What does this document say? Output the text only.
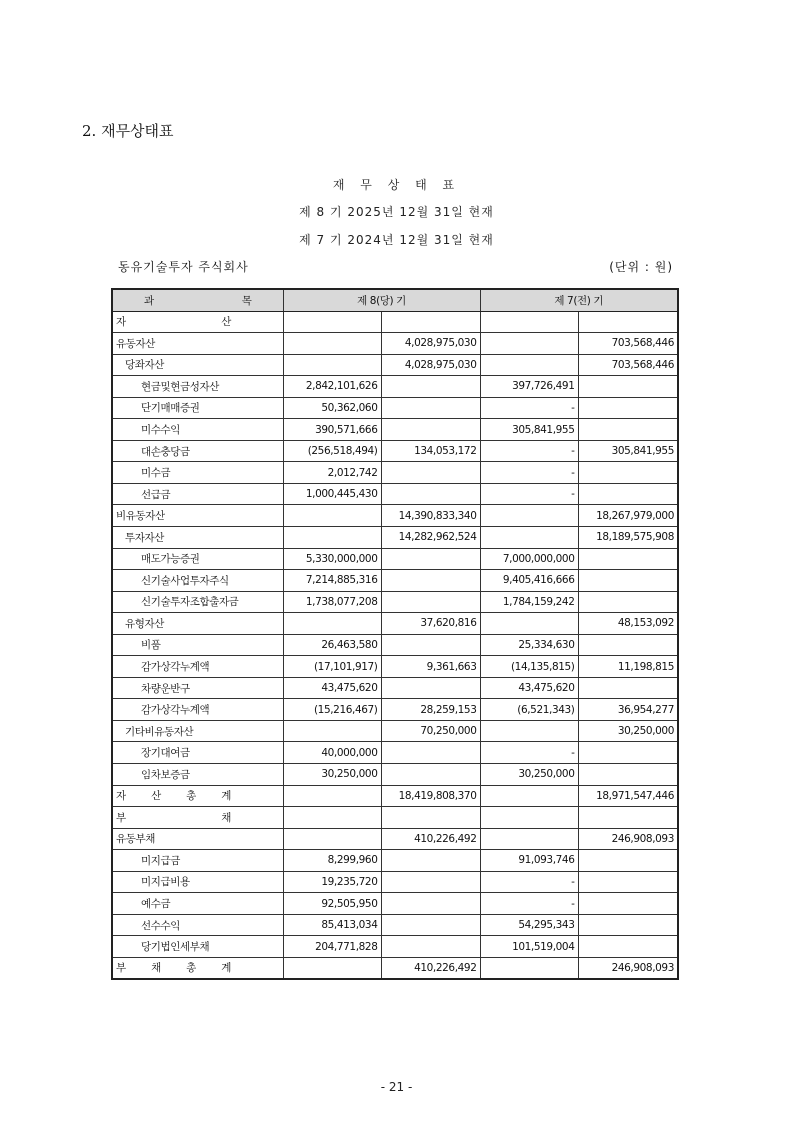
2. 재무상태표
재 무 상 태 표
제 8 기 2025년 12월 31일 현재
제 7 기 2024년 12월 31일 현재
동유기술투자 주식회사	(단위 : 원)
과 목	제 8(당) 기		제 7(전) 기	

자 산				

유동자산		4,028,975,030		703,568,446
당좌자산		4,028,975,030		703,568,446
현금및현금성자산	2,842,101,626		397,726,491	
단기매매증권	50,362,060		-	
미수수익	390,571,666		305,841,955	
대손충당금	(256,518,494)	134,053,172	-	305,841,955
미수금	2,012,742		-	
선급금	1,000,445,430		-	
비유동자산		14,390,833,340		18,267,979,000
투자자산		14,282,962,524		18,189,575,908
매도가능증권	5,330,000,000		7,000,000,000	
신기술사업투자주식	7,214,885,316		9,405,416,666	
신기술투자조합출자금	1,738,077,208		1,784,159,242	
유형자산		37,620,816		48,153,092
비품	26,463,580		25,334,630	
감가상각누계액	(17,101,917)	9,361,663	(14,135,815)	11,198,815
차량운반구	43,475,620		43,475,620	
감가상각누계액	(15,216,467)	28,259,153	(6,521,343)	36,954,277
기타비유동자산		70,250,000		30,250,000
장기대여금	40,000,000		-	
임차보증금	30,250,000		30,250,000	

자 산 총 계		18,419,808,370		18,971,547,446

부 채				

유동부채		410,226,492		246,908,093
미지급금	8,299,960		91,093,746	
미지급비용	19,235,720		-	
예수금	92,505,950		-	
선수수익	85,413,034		54,295,343	
당기법인세부채	204,771,828		101,519,004	

부 채 총 계		410,226,492		246,908,093
- 21 -
